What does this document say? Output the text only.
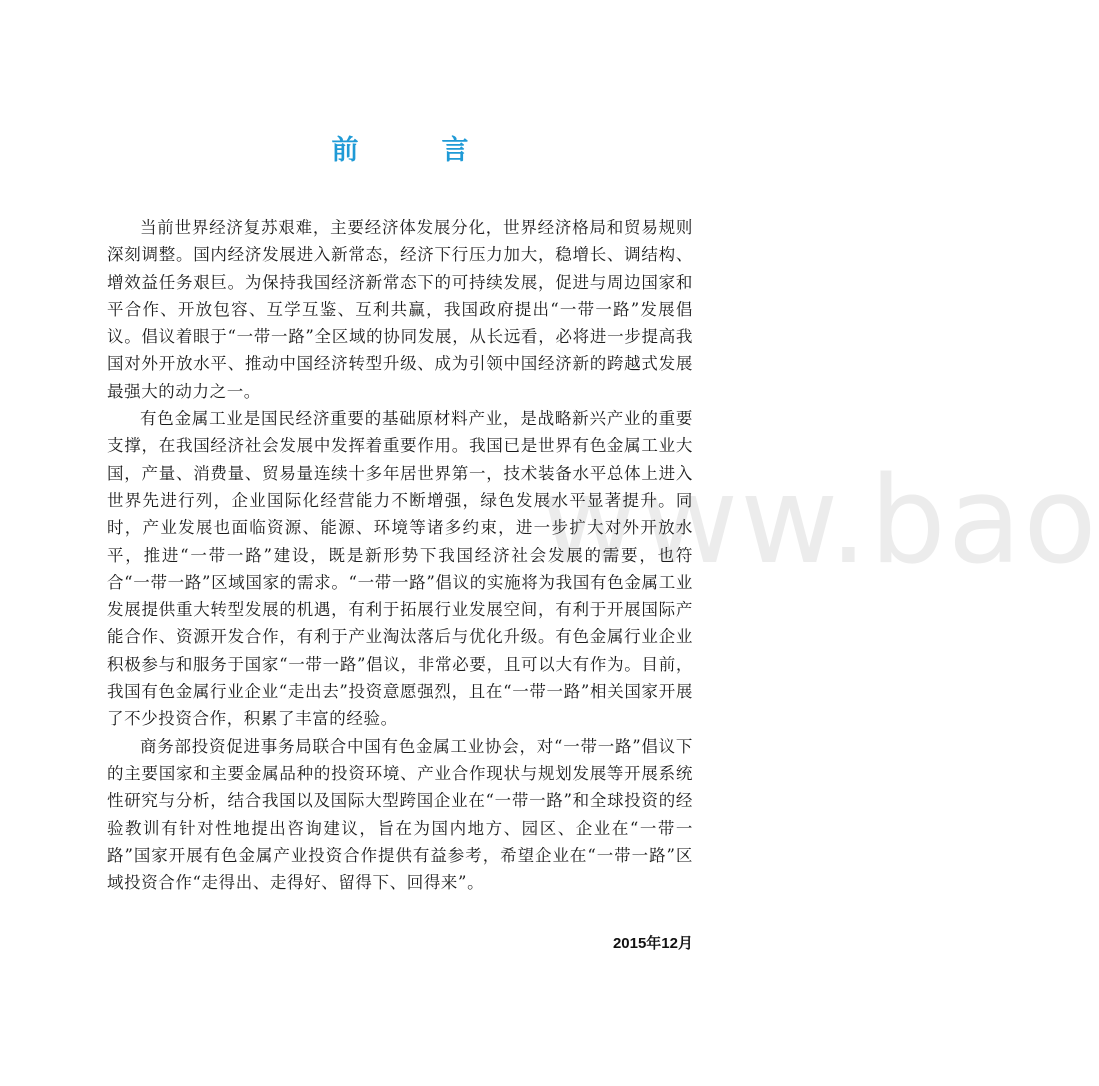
www.bao
前　言

当前世界经济复苏艰难，主要经济体发展分化，世界经济格局和贸易规则深刻调整。国内经济发展进入新常态，经济下行压力加大，稳增长、调结构、增效益任务艰巨。为保持我国经济新常态下的可持续发展，促进与周边国家和平合作、开放包容、互学互鉴、互利共赢，我国政府提出“一带一路”发展倡议。倡议着眼于“一带一路”全区域的协同发展，从长远看，必将进一步提高我国对外开放水平、推动中国经济转型升级、成为引领中国经济新的跨越式发展最强大的动力之一。

有色金属工业是国民经济重要的基础原材料产业，是战略新兴产业的重要支撑，在我国经济社会发展中发挥着重要作用。我国已是世界有色金属工业大国，产量、消费量、贸易量连续十多年居世界第一，技术装备水平总体上进入世界先进行列，企业国际化经营能力不断增强，绿色发展水平显著提升。同时，产业发展也面临资源、能源、环境等诸多约束，进一步扩大对外开放水平，推进“一带一路”建设，既是新形势下我国经济社会发展的需要，也符合“一带一路”区域国家的需求。“一带一路”倡议的实施将为我国有色金属工业发展提供重大转型发展的机遇，有利于拓展行业发展空间，有利于开展国际产能合作、资源开发合作，有利于产业淘汰落后与优化升级。有色金属行业企业积极参与和服务于国家“一带一路”倡议，非常必要，且可以大有作为。目前，我国有色金属行业企业“走出去”投资意愿强烈，且在“一带一路”相关国家开展了不少投资合作，积累了丰富的经验。

商务部投资促进事务局联合中国有色金属工业协会，对“一带一路”倡议下的主要国家和主要金属品种的投资环境、产业合作现状与规划发展等开展系统性研究与分析，结合我国以及国际大型跨国企业在“一带一路”和全球投资的经验教训有针对性地提出咨询建议，旨在为国内地方、园区、企业在“一带一路”国家开展有色金属产业投资合作提供有益参考，希望企业在“一带一路”区域投资合作“走得出、走得好、留得下、回得来”。

2015年12月
